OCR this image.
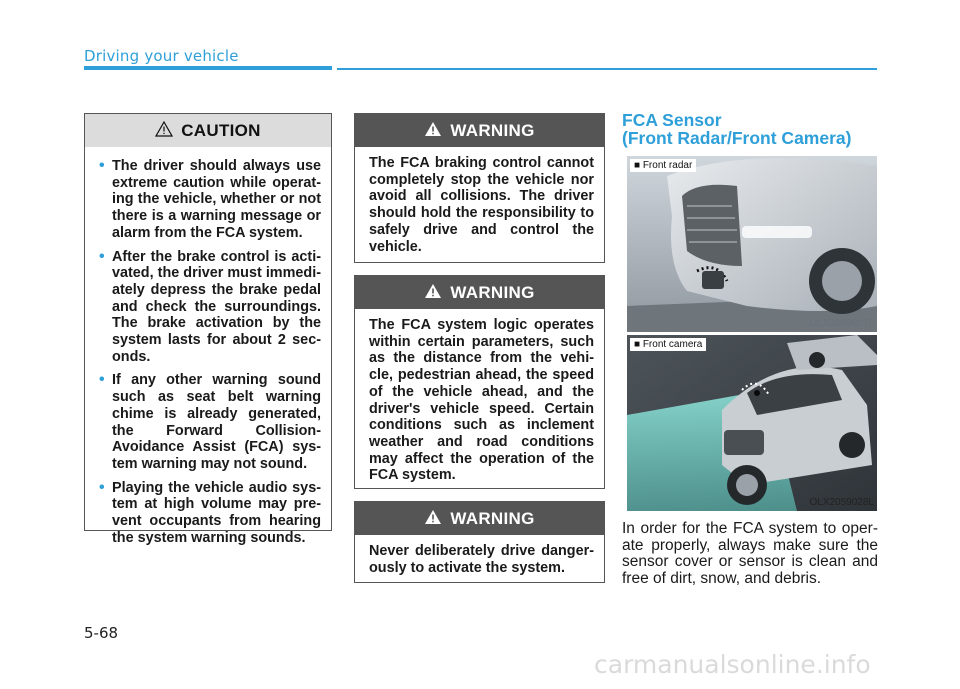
Driving your vehicle
CAUTION
• The driver should always use extreme caution while operat-ing the vehicle, whether or not there is a warning message or alarm from the FCA system.
• After the brake control is acti-vated, the driver must immedi-ately depress the brake pedal and check the surroundings. The brake activation by the system lasts for about 2 sec-onds.
• If any other warning sound such as seat belt warning chime is already generated, the Forward Collision-Avoidance Assist (FCA) sys-tem warning may not sound.
• Playing the vehicle audio sys-tem at high volume may pre-vent occupants from hearing the system warning sounds.
WARNING

The FCA braking control cannot completely stop the vehicle nor avoid all collisions. The driver should hold the responsibility to safely drive and control the vehicle.

WARNING

The FCA system logic operates within certain parameters, such as the distance from the vehi-cle, pedestrian ahead, the speed of the vehicle ahead, and the driver's vehicle speed. Certain conditions such as inclement weather and road conditions may affect the operation of the FCA system.

WARNING

Never deliberately drive danger-ously to activate the system.

FCA Sensor
(Front Radar/Front Camera)
■ Front radar
OLX2059027L
■ Front camera
OLX2059028L
In order for the FCA system to oper-ate properly, always make sure the sensor cover or sensor is clean and free of dirt, snow, and debris.
5-68
carmanualsonline.info
